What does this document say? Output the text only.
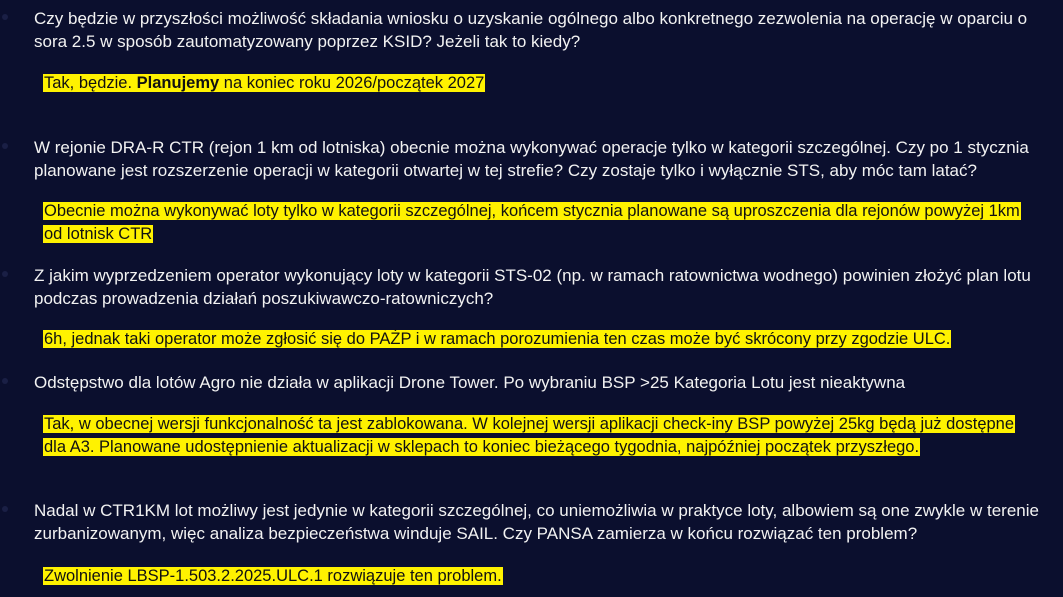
Czy będzie w przyszłości możliwość składania wniosku o uzyskanie ogólnego albo konkretnego zezwolenia na operację w oparciu o sora 2.5 w sposób zautomatyzowany poprzez KSID? Jeżeli tak to kiedy?

Tak, będzie. Planujemy na koniec roku 2026/początek 2027

W rejonie DRA-R CTR (rejon 1 km od lotniska) obecnie można wykonywać operacje tylko w kategorii szczególnej. Czy po 1 stycznia planowane jest rozszerzenie operacji w kategorii otwartej w tej strefie? Czy zostaje tylko i wyłącznie STS, aby móc tam latać?

Obecnie można wykonywać loty tylko w kategorii szczególnej, końcem stycznia planowane są uproszczenia dla rejonów powyżej 1km od lotnisk CTR

Z jakim wyprzedzeniem operator wykonujący loty w kategorii STS-02 (np. w ramach ratownictwa wodnego) powinien złożyć plan lotu podczas prowadzenia działań poszukiwawczo-ratowniczych?

6h, jednak taki operator może zgłosić się do PAŻP i w ramach porozumienia ten czas może być skrócony przy zgodzie ULC.

Odstępstwo dla lotów Agro nie działa w aplikacji Drone Tower. Po wybraniu BSP >25 Kategoria Lotu jest nieaktywna

Tak, w obecnej wersji funkcjonalność ta jest zablokowana. W kolejnej wersji aplikacji check-iny BSP powyżej 25kg będą już dostępne dla A3. Planowane udostępnienie aktualizacji w sklepach to koniec bieżącego tygodnia, najpóźniej początek przyszłego.

Nadal w CTR1KM lot możliwy jest jedynie w kategorii szczególnej, co uniemożliwia w praktyce loty, albowiem są one zwykle w terenie zurbanizowanym, więc analiza bezpieczeństwa winduje SAIL. Czy PANSA zamierza w końcu rozwiązać ten problem?

Zwolnienie LBSP-1.503.2.2025.ULC.1 rozwiązuje ten problem.
